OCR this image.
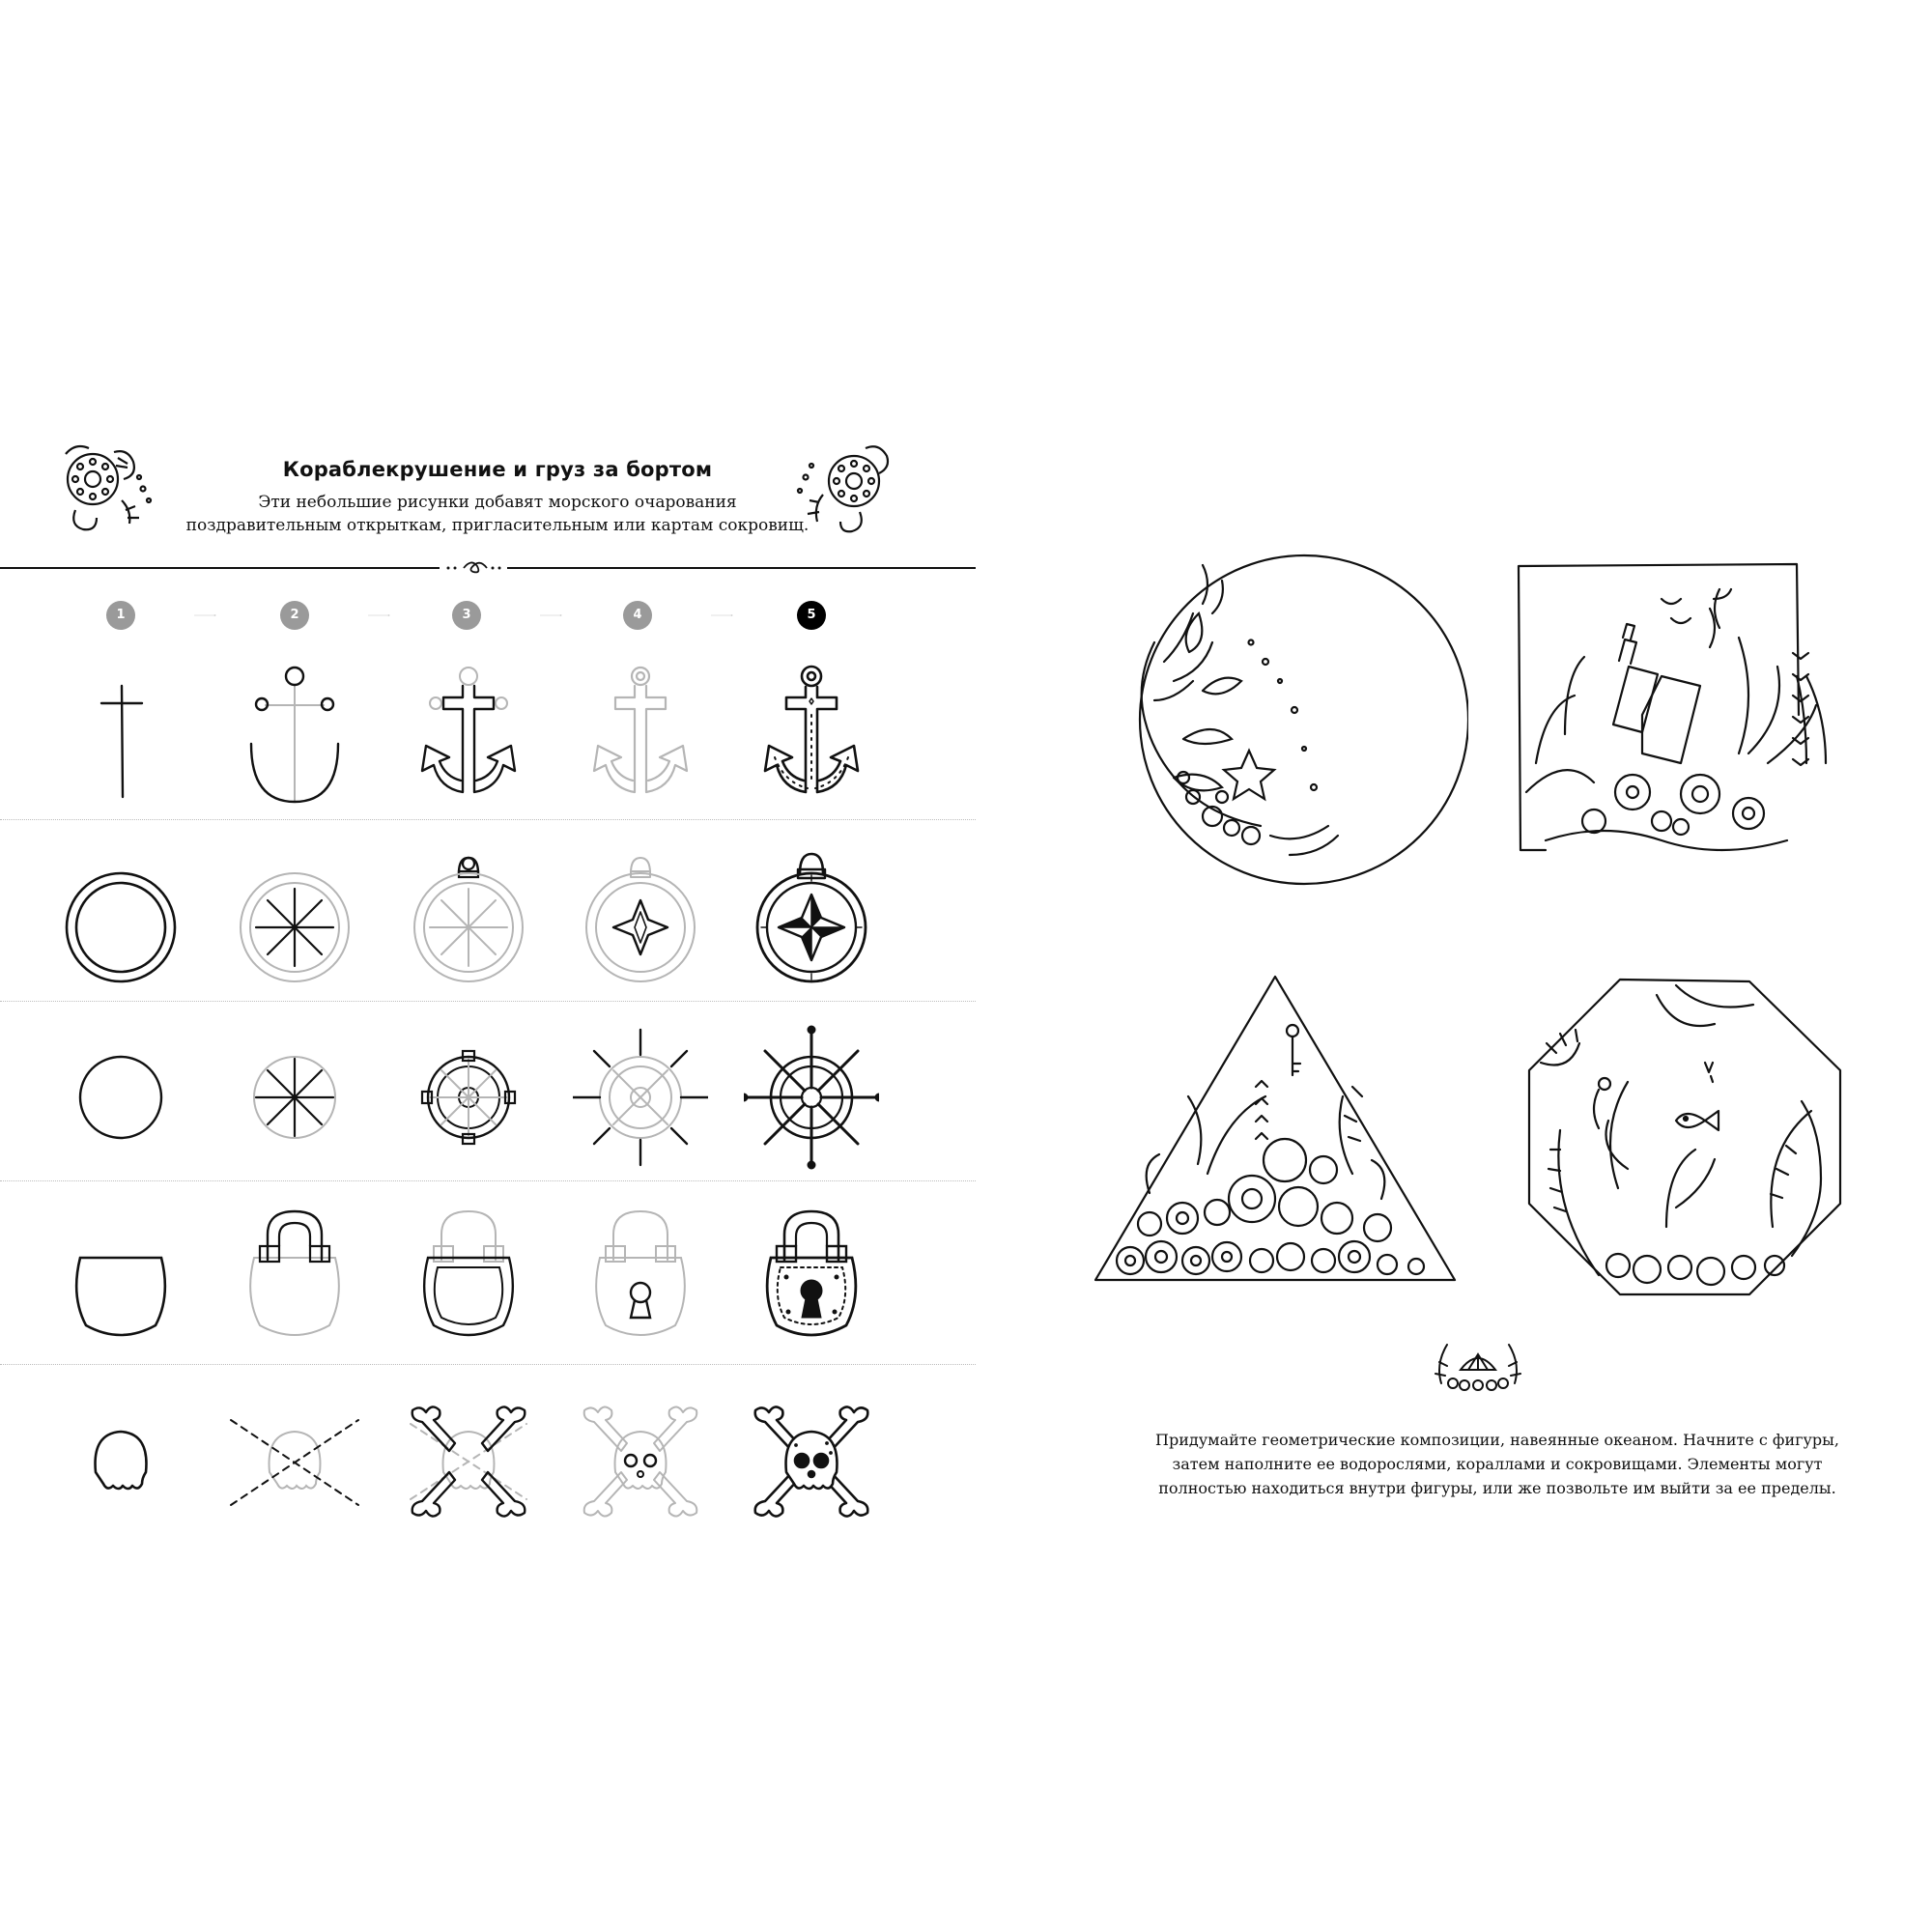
Кораблекрушение и груз за бортом
Эти небольшие рисунки добавят морского очарования
поздравительным открыткам, пригласительным или картам сокровищ.
1	2	3	4	5
Придумайте геометрические композиции, навеянные океаном. Начните с фигуры,
затем наполните ее водорослями, кораллами и сокровищами. Элементы могут
полностью находиться внутри фигуры, или же позвольте им выйти за ее пределы.
